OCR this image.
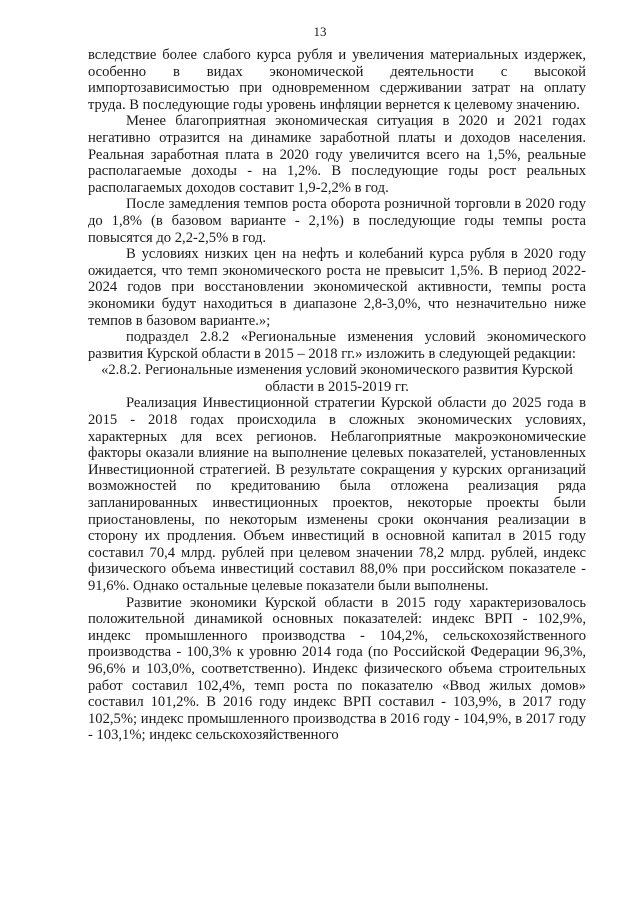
13

вследствие более слабого курса рубля и увеличения материальных издержек, особенно в видах экономической деятельности с высокой импортозависимостью при одновременном сдерживании затрат на оплату труда. В последующие годы уровень инфляции вернется к целевому значению.

Менее благоприятная экономическая ситуация в 2020 и 2021 годах негативно отразится на динамике заработной платы и доходов населения. Реальная заработная плата в 2020 году увеличится всего на 1,5%, реальные располагаемые доходы - на 1,2%. В последующие годы рост реальных располагаемых доходов составит 1,9-2,2% в год.

После замедления темпов роста оборота розничной торговли в 2020 году до 1,8% (в базовом варианте - 2,1%) в последующие годы темпы роста повысятся до 2,2-2,5% в год.

В условиях низких цен на нефть и колебаний курса рубля в 2020 году ожидается, что темп экономического роста не превысит 1,5%. В период 2022-2024 годов при восстановлении экономической активности, темпы роста экономики будут находиться в диапазоне 2,8-3,0%, что незначительно ниже темпов в базовом варианте.»;

подраздел 2.8.2 «Региональные изменения условий экономического развития Курской области в 2015 – 2018 гг.» изложить в следующей редакции:

«2.8.2. Региональные изменения условий экономического развития Курской области в 2015-2019 гг.

Реализация Инвестиционной стратегии Курской области до 2025 года в 2015 - 2018 годах происходила в сложных экономических условиях, характерных для всех регионов. Неблагоприятные макроэкономические факторы оказали влияние на выполнение целевых показателей, установленных Инвестиционной стратегией. В результате сокращения у курских организаций возможностей по кредитованию была отложена реализация ряда запланированных инвестиционных проектов, некоторые проекты были приостановлены, по некоторым изменены сроки окончания реализации в сторону их продления. Объем инвестиций в основной капитал в 2015 году составил 70,4 млрд. рублей при целевом значении 78,2 млрд. рублей, индекс физического объема инвестиций составил 88,0% при российском показателе - 91,6%. Однако остальные целевые показатели были выполнены.

Развитие экономики Курской области в 2015 году характеризовалось положительной динамикой основных показателей: индекс ВРП - 102,9%, индекс промышленного производства - 104,2%, сельскохозяйственного производства - 100,3% к уровню 2014 года (по Российской Федерации 96,3%, 96,6% и 103,0%, соответственно). Индекс физического объема строительных работ составил 102,4%, темп роста по показателю «Ввод жилых домов» составил 101,2%. В 2016 году индекс ВРП составил - 103,9%, в 2017 году 102,5%; индекс промышленного производства в 2016 году - 104,9%, в 2017 году - 103,1%; индекс сельскохозяйственного
